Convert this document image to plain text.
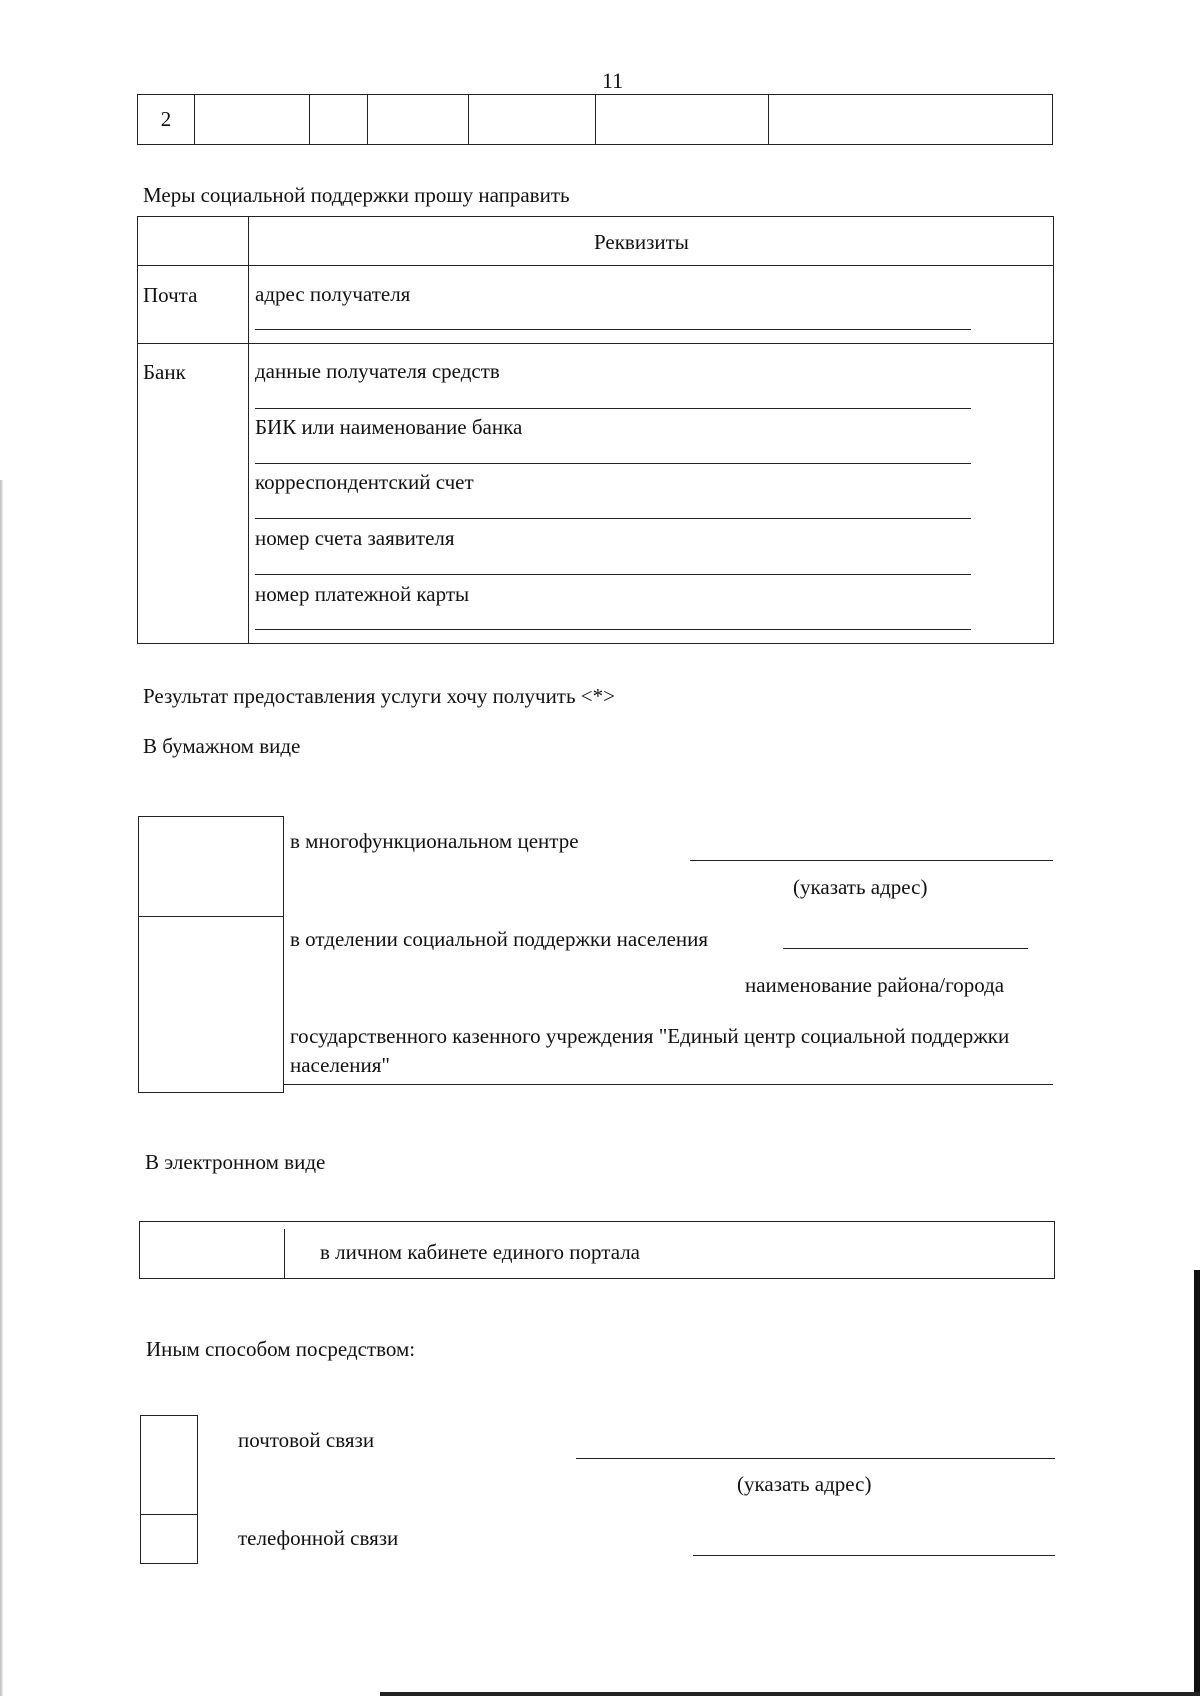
11
2						
Меры социальной поддержки прошу направить
Реквизиты
Почта	адрес получателя
Банк	данные получателя средств
БИК или наименование банка
корреспондентский счет
номер счета заявителя
номер платежной карты
Результат предоставления услуги хочу получить <*>
В бумажном виде
в многофункциональном центре
(указать адрес)
в отделении социальной поддержки населения
наименование района/города
государственного казенного учреждения "Единый центр социальной поддержки населения"
В электронном виде
в личном кабинете единого портала
Иным способом посредством:
почтовой связи
(указать адрес)
телефонной связи
